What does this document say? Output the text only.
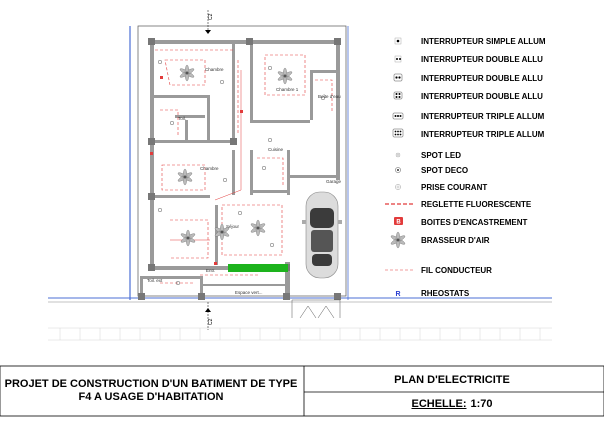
C2
C2
Chambre
Chambre 1
Boîte d'eau
Toil.
Cuisine
Chambre
Garage
Séjour
Toil. ext
Espace vert...
Entr.
B
R
INTERRUPTEUR SIMPLE ALLUM
INTERRUPTEUR DOUBLE ALLU
INTERRUPTEUR DOUBLE ALLU
INTERRUPTEUR DOUBLE ALLU
INTERRUPTEUR TRIPLE ALLUM
INTERRUPTEUR TRIPLE ALLUM
SPOT LED
SPOT DECO
PRISE COURANT
REGLETTE FLUORESCENTE
BOITES D'ENCASTREMENT
BRASSEUR D'AIR
FIL CONDUCTEUR
RHEOSTATS
PROJET DE CONSTRUCTION D'UN BATIMENT DE TYPE F4 A USAGE D'HABITATION
PLAN D'ELECTRICITE
ECHELLE: 1:70
